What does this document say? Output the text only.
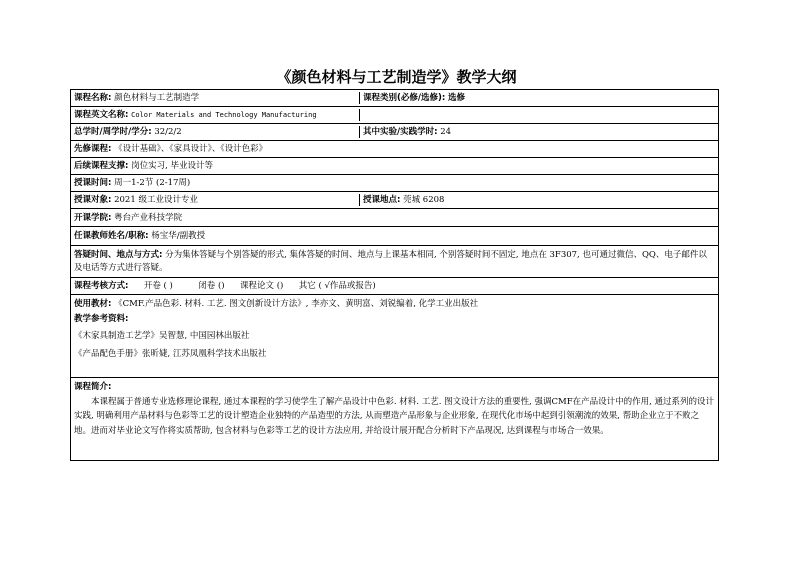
《颜色材料与工艺制造学》教学大纲
课程名称: 颜色材料与工艺制造学	课程类别(必修/选修): 选修
课程英文名称: Color Materials and Technology Manufacturing
总学时/周学时/学分: 32/2/2	其中实验/实践学时: 24
先修课程: 《设计基础》、《家具设计》、《设计色彩》
后续课程支撑: 岗位实习, 毕业设计等
授课时间: 周一1-2节 (2-17周)
授课对象: 2021 级工业设计专业	授课地点: 莞城 6208
开课学院: 粤台产业科技学院
任课教师姓名/职称: 杨宝华/副教授
答疑时间、地点与方式: 分为集体答疑与个别答疑的形式, 集体答疑的时间、地点与上课基本相同, 个别答疑时间不固定, 地点在 3F307, 也可通过微信、QQ、电子邮件以及电话等方式进行答疑。
课程考核方式: 开卷 ( )	闭卷 () 课程论文 () 其它 ( √作品或报告)
使用教材: 《CMF.产品色彩. 材料. 工艺. 图文创新设计方法》, 李亦文、黄明富、刘锐编着, 化学工业出版社
教学参考资料:
《木家具制造工艺学》吴智慧, 中国园林出版社
《产品配色手册》张昕婕, 江苏凤凰科学技术出版社
课程简介:
本课程属于普通专业选修理论课程, 通过本课程的学习使学生了解产品设计中色彩. 材料. 工艺. 图文设计方法的重要性, 强调CMF在产品设计中的作用, 通过系列的设计实践, 明确利用产品材料与色彩等工艺的设计塑造企业独特的产品造型的方法, 从而塑造产品形象与企业形象, 在现代化市场中起到引领潮流的效果, 帮助企业立于不败之地。进而对毕业论文写作将实质帮助, 包含材料与色彩等工艺的设计方法应用, 并给设计展开配合分析时下产品现况, 达到课程与市场合一效果。
